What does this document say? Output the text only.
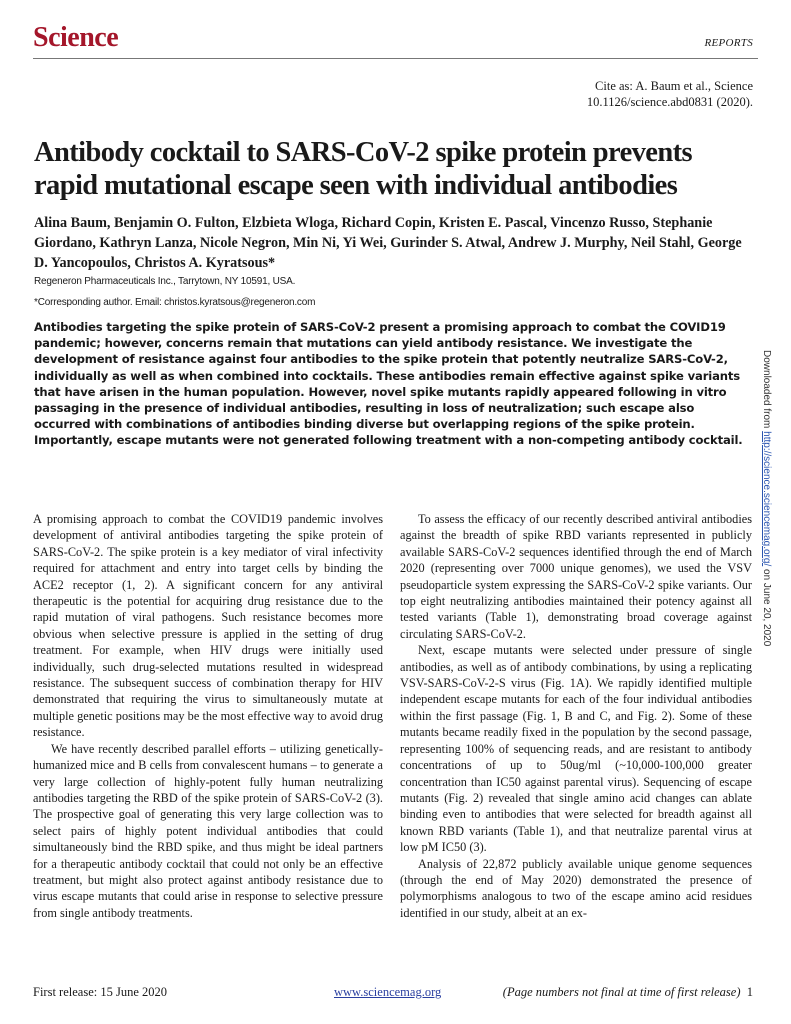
Science	REPORTS
Cite as: A. Baum et al., Science
10.1126/science.abd0831 (2020).
Antibody cocktail to SARS-CoV-2 spike protein prevents rapid mutational escape seen with individual antibodies
Alina Baum, Benjamin O. Fulton, Elzbieta Wloga, Richard Copin, Kristen E. Pascal, Vincenzo Russo, Stephanie Giordano, Kathryn Lanza, Nicole Negron, Min Ni, Yi Wei, Gurinder S. Atwal, Andrew J. Murphy, Neil Stahl, George D. Yancopoulos, Christos A. Kyratsous*
Regeneron Pharmaceuticals Inc., Tarrytown, NY 10591, USA.
*Corresponding author. Email: christos.kyratsous@regeneron.com
Antibodies targeting the spike protein of SARS-CoV-2 present a promising approach to combat the COVID19 pandemic; however, concerns remain that mutations can yield antibody resistance. We investigate the development of resistance against four antibodies to the spike protein that potently neutralize SARS-CoV-2, individually as well as when combined into cocktails. These antibodies remain effective against spike variants that have arisen in the human population. However, novel spike mutants rapidly appeared following in vitro passaging in the presence of individual antibodies, resulting in loss of neutralization; such escape also occurred with combinations of antibodies binding diverse but overlapping regions of the spike protein. Importantly, escape mutants were not generated following treatment with a non-competing antibody cocktail.

A promising approach to combat the COVID19 pandemic involves development of antiviral antibodies targeting the spike protein of SARS-CoV-2. The spike protein is a key mediator of viral infectivity required for attachment and entry into target cells by binding the ACE2 receptor (1, 2). A significant concern for any antiviral therapeutic is the potential for acquiring drug resistance due to the rapid mutation of viral pathogens. Such resistance becomes more obvious when selective pressure is applied in the setting of drug treatment. For example, when HIV drugs were initially used individually, such drug-selected mutations resulted in widespread resistance. The subsequent success of combination therapy for HIV demonstrated that requiring the virus to simultaneously mutate at multiple genetic positions may be the most effective way to avoid drug resistance.

We have recently described parallel efforts – utilizing genetically-humanized mice and B cells from convalescent humans – to generate a very large collection of highly-potent fully human neutralizing antibodies targeting the RBD of the spike protein of SARS-CoV-2 (3). The prospective goal of generating this very large collection was to select pairs of highly potent individual antibodies that could simultaneously bind the RBD spike, and thus might be ideal partners for a therapeutic antibody cocktail that could not only be an effective treatment, but might also protect against antibody resistance due to virus escape mutants that could arise in response to selective pressure from single antibody treatments.

To assess the efficacy of our recently described antiviral antibodies against the breadth of spike RBD variants represented in publicly available SARS-CoV-2 sequences identified through the end of March 2020 (representing over 7000 unique genomes), we used the VSV pseudoparticle system expressing the SARS-CoV-2 spike variants. Our top eight neutralizing antibodies maintained their potency against all tested variants (Table 1), demonstrating broad coverage against circulating SARS-CoV-2.

Next, escape mutants were selected under pressure of single antibodies, as well as of antibody combinations, by using a replicating VSV-SARS-CoV-2-S virus (Fig. 1A). We rapidly identified multiple independent escape mutants for each of the four individual antibodies within the first passage (Fig. 1, B and C, and Fig. 2). Some of these mutants became readily fixed in the population by the second passage, representing 100% of sequencing reads, and are resistant to antibody concentrations of up to 50ug/ml (~10,000-100,000 greater concentration than IC50 against parental virus). Sequencing of escape mutants (Fig. 2) revealed that single amino acid changes can ablate binding even to antibodies that were selected for breadth against all known RBD variants (Table 1), and that neutralize parental virus at low pM IC50 (3).

Analysis of 22,872 publicly available unique genome sequences (through the end of May 2020) demonstrated the presence of polymorphisms analogous to two of the escape amino acid residues identified in our study, albeit at an ex-

Downloaded from http://science.sciencemag.org/ on June 20, 2020
First release: 15 June 2020	www.sciencemag.org	(Page numbers not final at time of first release) 1
